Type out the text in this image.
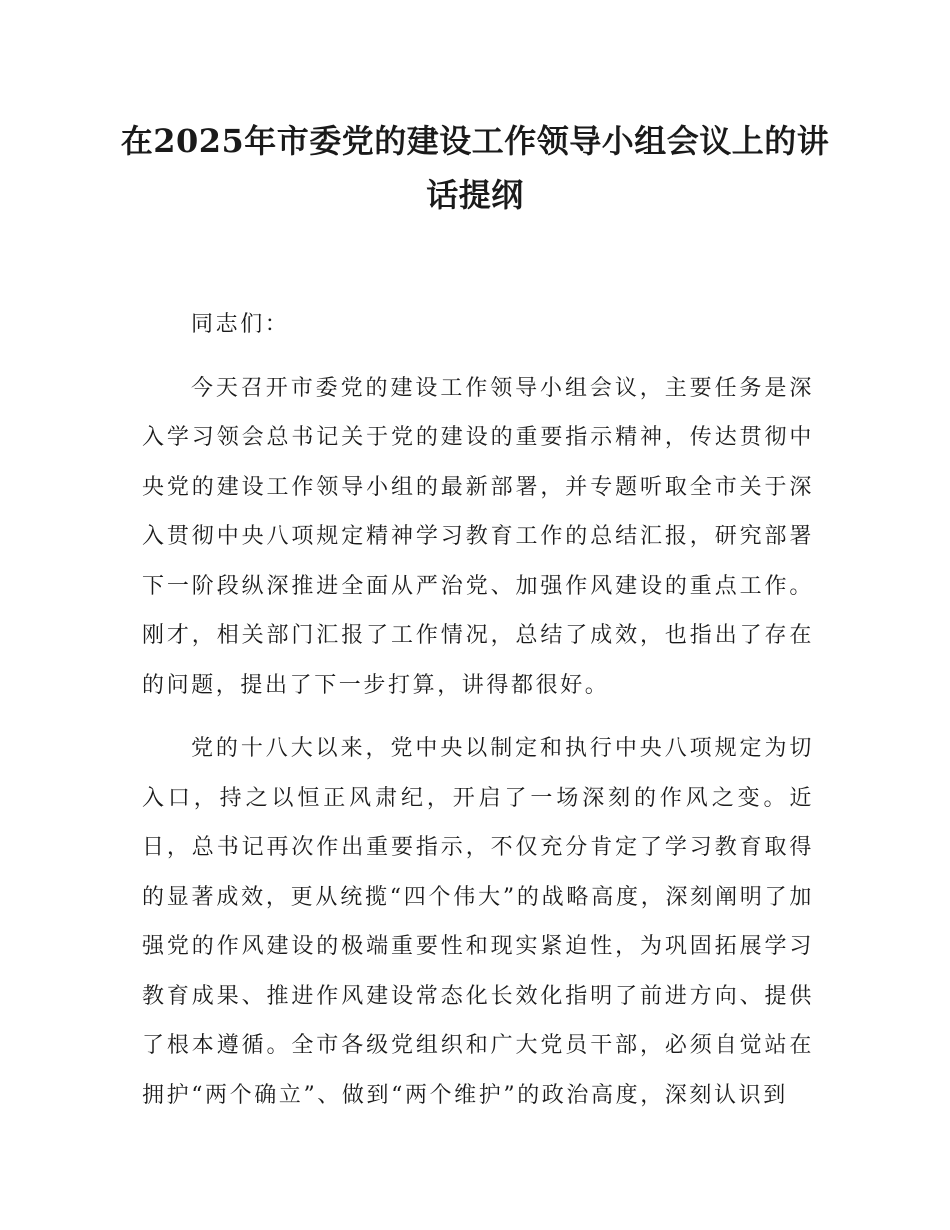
在2025年市委党的建设工作领导小组会议上的讲话提纲

同志们：

今天召开市委党的建设工作领导小组会议，主要任务是深入学习领会总书记关于党的建设的重要指示精神，传达贯彻中央党的建设工作领导小组的最新部署，并专题听取全市关于深入贯彻中央八项规定精神学习教育工作的总结汇报，研究部署下一阶段纵深推进全面从严治党、加强作风建设的重点工作。刚才，相关部门汇报了工作情况，总结了成效，也指出了存在的问题，提出了下一步打算，讲得都很好。

党的十八大以来，党中央以制定和执行中央八项规定为切入口，持之以恒正风肃纪，开启了一场深刻的作风之变。近日，总书记再次作出重要指示，不仅充分肯定了学习教育取得的显著成效，更从统揽“四个伟大”的战略高度，深刻阐明了加强党的作风建设的极端重要性和现实紧迫性，为巩固拓展学习教育成果、推进作风建设常态化长效化指明了前进方向、提供了根本遵循。全市各级党组织和广大党员干部，必须自觉站在拥护“两个确立”、做到“两个维护”的政治高度，深刻认识到
